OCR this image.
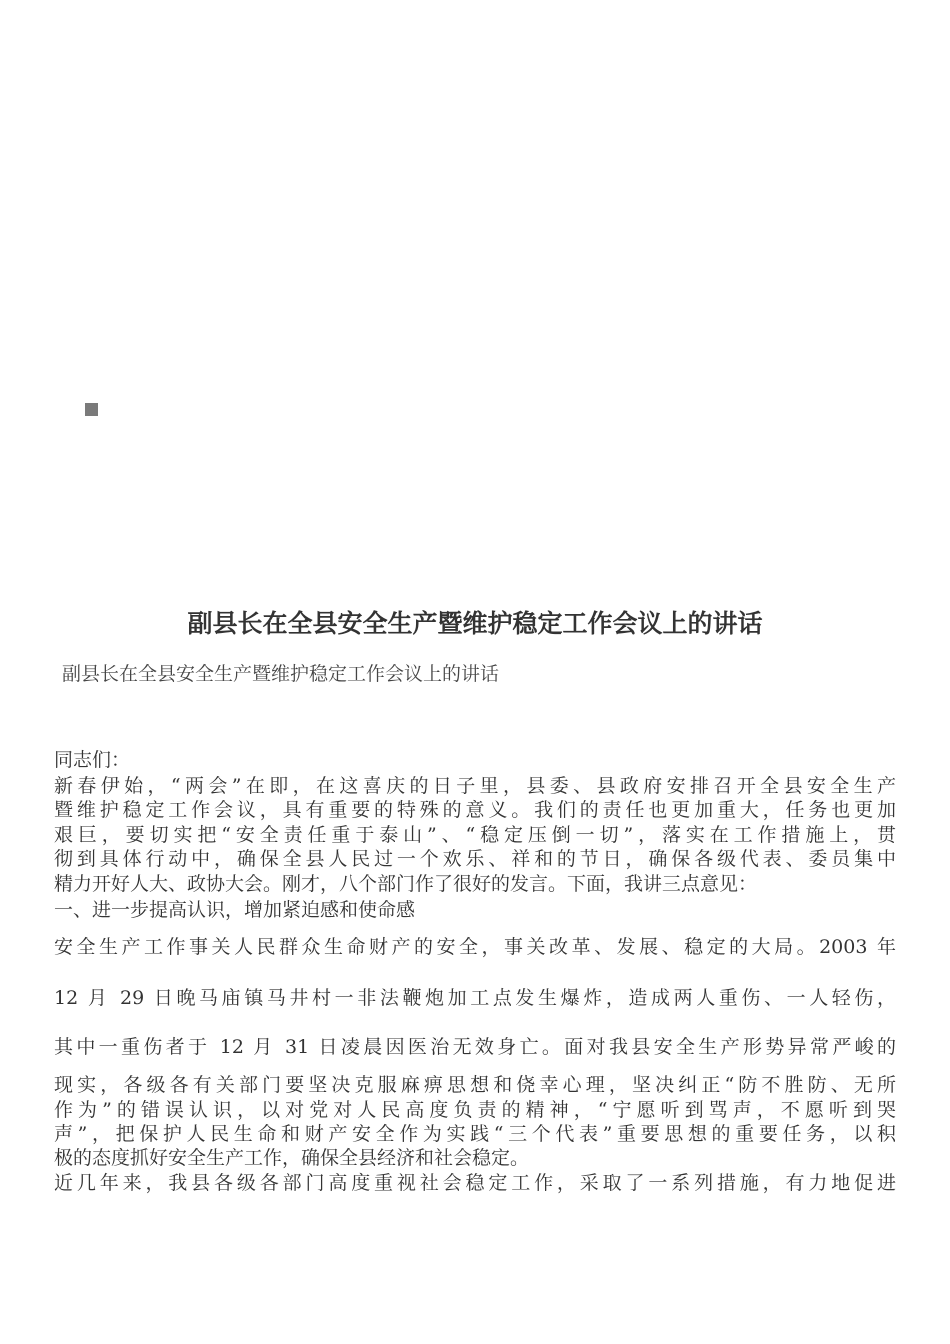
副县长在全县安全生产暨维护稳定工作会议上的讲话

副县长在全县安全生产暨维护稳定工作会议上的讲话

同志们：

新春伊始，“两会”在即，在这喜庆的日子里，县委、县政府安排召开全县安全生产

暨维护稳定工作会议，具有重要的特殊的意义。我们的责任也更加重大，任务也更加

艰巨，要切实把“安全责任重于泰山”、“稳定压倒一切”，落实在工作措施上，贯

彻到具体行动中，确保全县人民过一个欢乐、祥和的节日，确保各级代表、委员集中

精力开好人大、政协大会。刚才，八个部门作了很好的发言。下面，我讲三点意见：

一、进一步提高认识，增加紧迫感和使命感

安全生产工作事关人民群众生命财产的安全，事关改革、发展、稳定的大局。2003 年

12 月 29 日晚马庙镇马井村一非法鞭炮加工点发生爆炸，造成两人重伤、一人轻伤，

其中一重伤者于 12 月 31 日凌晨因医治无效身亡。面对我县安全生产形势异常严峻的

现实，各级各有关部门要坚决克服麻痹思想和侥幸心理，坚决纠正“防不胜防、无所

作为”的错误认识，以对党对人民高度负责的精神，“宁愿听到骂声，不愿听到哭

声”，把保护人民生命和财产安全作为实践“三个代表”重要思想的重要任务，以积

极的态度抓好安全生产工作，确保全县经济和社会稳定。

近几年来，我县各级各部门高度重视社会稳定工作，采取了一系列措施，有力地促进
